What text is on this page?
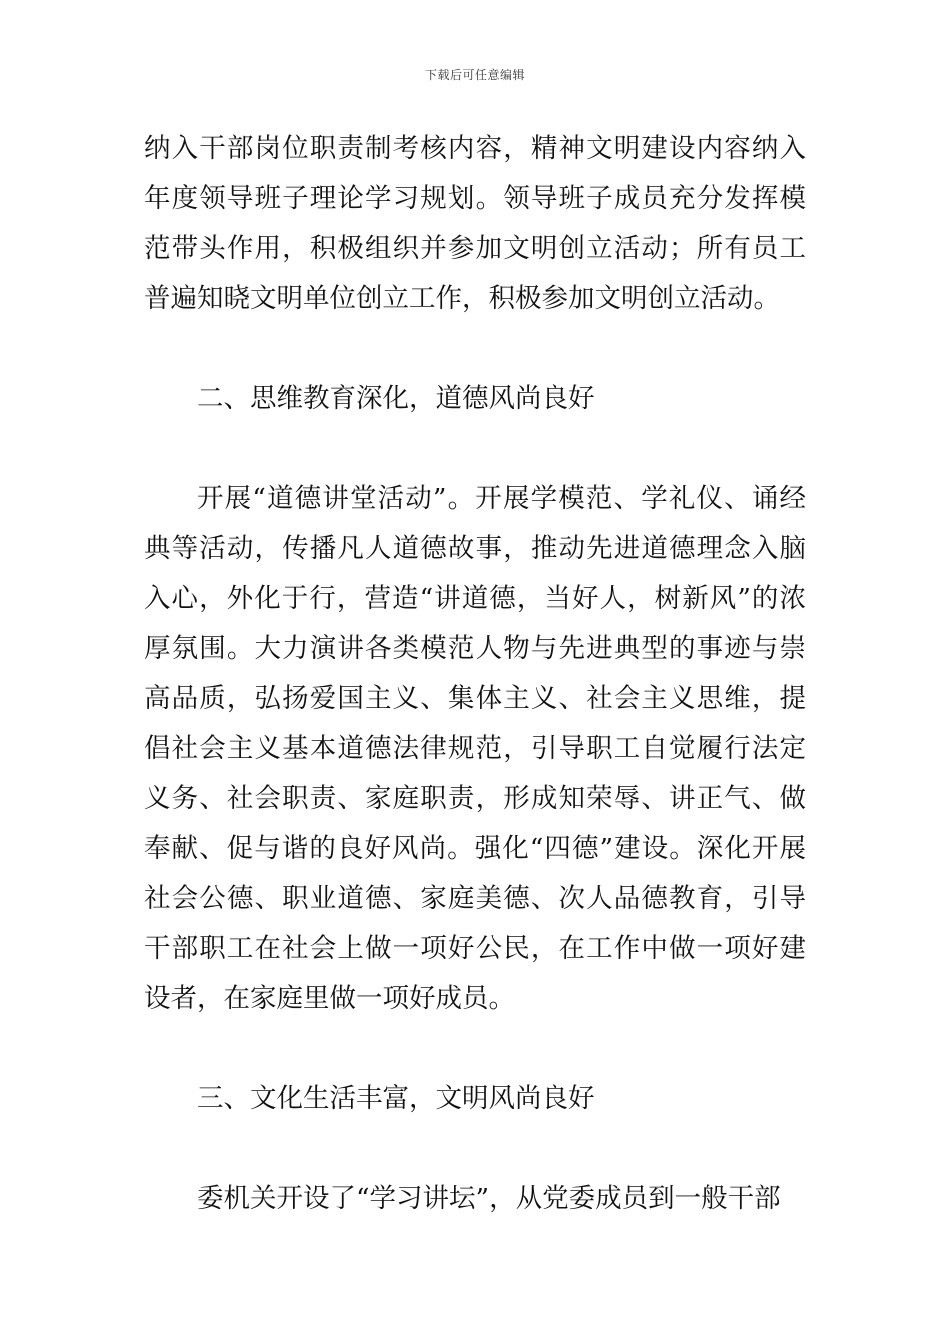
下载后可任意编辑

纳入干部岗位职责制考核内容，精神文明建设内容纳入年度领导班子理论学习规划。领导班子成员充分发挥模范带头作用，积极组织并参加文明创立活动；所有员工普遍知晓文明单位创立工作，积极参加文明创立活动。

二、思维教育深化，道德风尚良好

开展“道德讲堂活动”。开展学模范、学礼仪、诵经典等活动，传播凡人道德故事，推动先进道德理念入脑入心，外化于行，营造“讲道德，当好人，树新风”的浓厚氛围。大力演讲各类模范人物与先进典型的事迹与崇高品质，弘扬爱国主义、集体主义、社会主义思维，提倡社会主义基本道德法律规范，引导职工自觉履行法定义务、社会职责、家庭职责，形成知荣辱、讲正气、做奉献、促与谐的良好风尚。强化“四德”建设。深化开展社会公德、职业道德、家庭美德、次人品德教育，引导干部职工在社会上做一项好公民，在工作中做一项好建设者，在家庭里做一项好成员。

三、文化生活丰富，文明风尚良好

委机关开设了“学习讲坛”，从党委成员到一般干部
